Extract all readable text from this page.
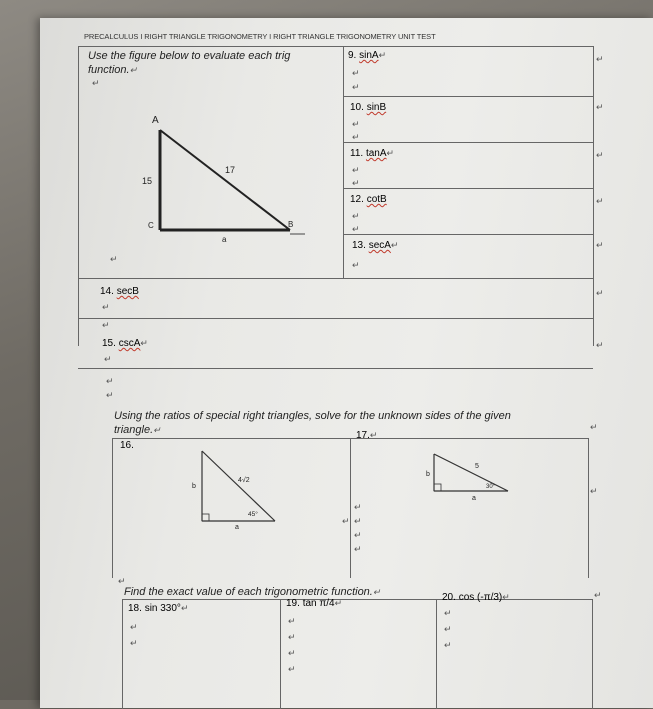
PRECALCULUS I RIGHT TRIANGLE TRIGONOMETRY I RIGHT TRIANGLE TRIGONOMETRY UNIT TEST
Use the figure below to evaluate each trig
function.↵
↵
A
B
C
15
17
a
↵
9. sinA↵
↵
↵
10. sinB
↵
↵
11. tanA↵
↵
↵
12. cotB
↵
↵
13. secA↵
↵
14. secB
↵
↵
15. cscA↵
↵
↵
↵
Using the ratios of special right triangles, solve for the unknown sides of the given
triangle.↵
16.
17.↵
4√2
b
a
45°
5
b
a
30°
↵
↵
↵
↵
↵
↵
Find the exact value of each trigonometric function.↵
18. sin 330°↵	19. tan π/4↵	20. cos (-π/3)↵
↵
↵
↵
↵
↵
↵
↵
↵
↵
↵
↵
↵
↵
↵
↵
↵
↵
↵
↵
